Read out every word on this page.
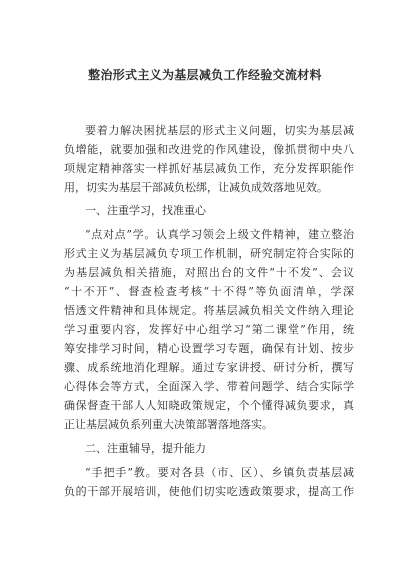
整治形式主义为基层减负工作经验交流材料
要着力解决困扰基层的形式主义问题，切实为基层减
负增能，就要加强和改进党的作风建设，像抓贯彻中央八
项规定精神落实一样抓好基层减负工作，充分发挥职能作
用，切实为基层干部减负松绑，让减负成效落地见效。
一、注重学习，找准重心
“点对点”学。认真学习领会上级文件精神，建立整治
形式主义为基层减负专项工作机制，研究制定符合实际的
为基层减负相关措施，对照出台的文件“十不发”、会议
“十不开”、督查检查考核“十不得”等负面清单，学深
悟透文件精神和具体规定。将基层减负相关文件纳入理论
学习重要内容，发挥好中心组学习“第二课堂”作用，统
筹安排学习时间，精心设置学习专题，确保有计划、按步
骤、成系统地消化理解。通过专家讲授、研讨分析，撰写
心得体会等方式，全面深入学、带着问题学、结合实际学
确保督查干部人人知晓政策规定，个个懂得减负要求，真
正让基层减负系列重大决策部署落地落实。
二、注重辅导，提升能力
“手把手”教。要对各县（市、区）、乡镇负责基层减
负的干部开展培训，使他们切实吃透政策要求，提高工作
